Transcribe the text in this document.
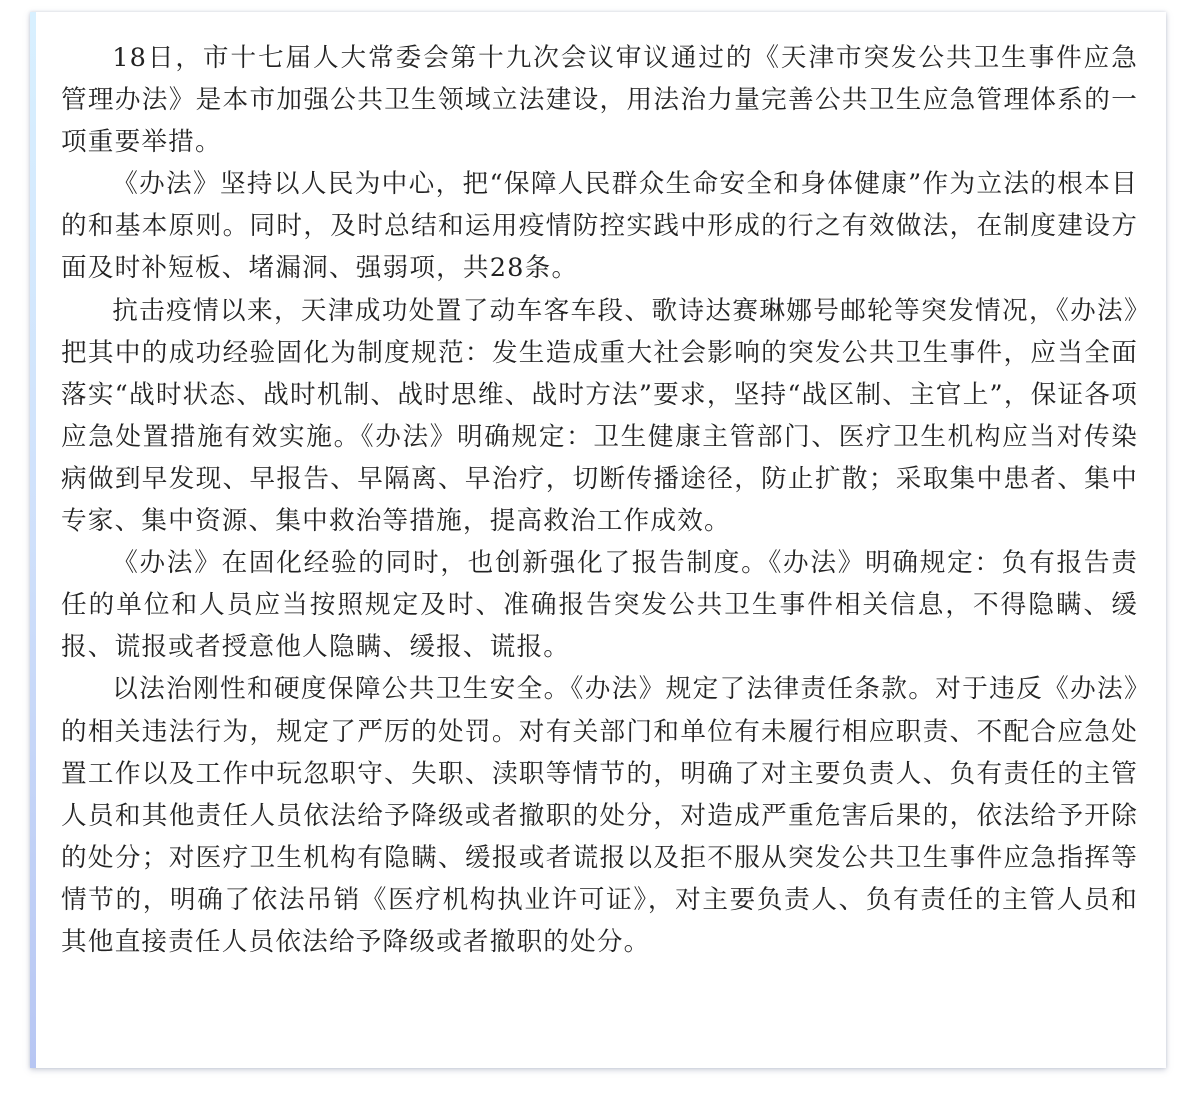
18日，市十七届人大常委会第十九次会议审议通过的《天津市突发公共卫生事件应急管理办法》是本市加强公共卫生领域立法建设，用法治力量完善公共卫生应急管理体系的一项重要举措。

《办法》坚持以人民为中心，把“保障人民群众生命安全和身体健康”作为立法的根本目的和基本原则。同时，及时总结和运用疫情防控实践中形成的行之有效做法，在制度建设方面及时补短板、堵漏洞、强弱项，共28条。

抗击疫情以来，天津成功处置了动车客车段、歌诗达赛琳娜号邮轮等突发情况，《办法》把其中的成功经验固化为制度规范：发生造成重大社会影响的突发公共卫生事件，应当全面落实“战时状态、战时机制、战时思维、战时方法”要求，坚持“战区制、主官上”，保证各项应急处置措施有效实施。《办法》明确规定：卫生健康主管部门、医疗卫生机构应当对传染病做到早发现、早报告、早隔离、早治疗，切断传播途径，防止扩散；采取集中患者、集中专家、集中资源、集中救治等措施，提高救治工作成效。

《办法》在固化经验的同时，也创新强化了报告制度。《办法》明确规定：负有报告责任的单位和人员应当按照规定及时、准确报告突发公共卫生事件相关信息，不得隐瞒、缓报、谎报或者授意他人隐瞒、缓报、谎报。

以法治刚性和硬度保障公共卫生安全。《办法》规定了法律责任条款。对于违反《办法》的相关违法行为，规定了严厉的处罚。对有关部门和单位有未履行相应职责、不配合应急处置工作以及工作中玩忽职守、失职、渎职等情节的，明确了对主要负责人、负有责任的主管人员和其他责任人员依法给予降级或者撤职的处分，对造成严重危害后果的，依法给予开除的处分；对医疗卫生机构有隐瞒、缓报或者谎报以及拒不服从突发公共卫生事件应急指挥等情节的，明确了依法吊销《医疗机构执业许可证》，对主要负责人、负有责任的主管人员和其他直接责任人员依法给予降级或者撤职的处分。
